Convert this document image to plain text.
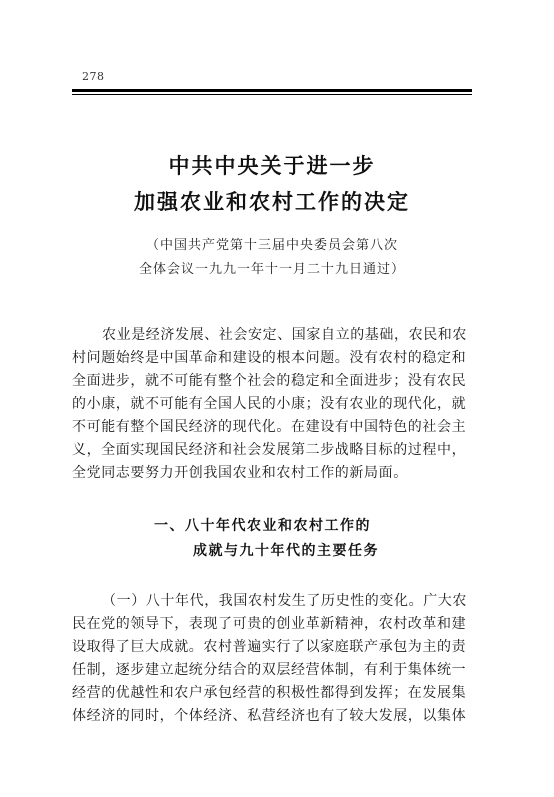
278
中共中央关于进一步
加强农业和农村工作的决定
（中国共产党第十三届中央委员会第八次
全体会议一九九一年十一月二十九日通过）
农业是经济发展、社会安定、国家自立的基础，农民和农
村问题始终是中国革命和建设的根本问题。没有农村的稳定和
全面进步，就不可能有整个社会的稳定和全面进步；没有农民
的小康，就不可能有全国人民的小康；没有农业的现代化，就
不可能有整个国民经济的现代化。在建设有中国特色的社会主
义，全面实现国民经济和社会发展第二步战略目标的过程中，
全党同志要努力开创我国农业和农村工作的新局面。
一、八十年代农业和农村工作的
成就与九十年代的主要任务
（一）八十年代，我国农村发生了历史性的变化。广大农
民在党的领导下，表现了可贵的创业革新精神，农村改革和建
设取得了巨大成就。农村普遍实行了以家庭联产承包为主的责
任制，逐步建立起统分结合的双层经营体制，有利于集体统一
经营的优越性和农户承包经营的积极性都得到发挥；在发展集
体经济的同时，个体经济、私营经济也有了较大发展，以集体
